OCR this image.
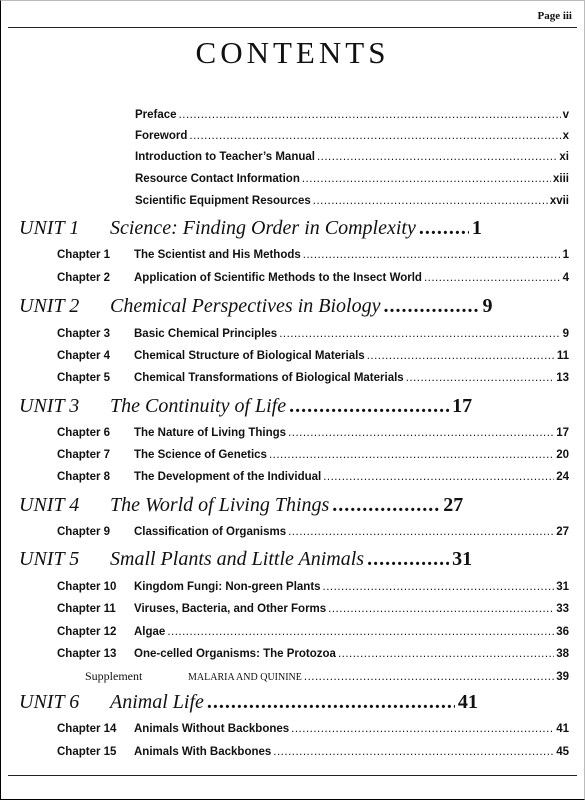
Page iii
CONTENTS
Preface .....	v
Foreword .....	x
Introduction to Teacher’s Manual .....	xi
Resource Contact Information .....	xiii
Scientific Equipment Resources .....	xvii
UNIT 1	Science: Finding Order in Complexity .....	1
Chapter 1	The Scientist and His Methods .....	1
Chapter 2	Application of Scientific Methods to the Insect World .....	4
UNIT 2	Chemical Perspectives in Biology .....	9
Chapter 3	Basic Chemical Principles .....	9
Chapter 4	Chemical Structure of Biological Materials .....	11
Chapter 5	Chemical Transformations of Biological Materials .....	13
UNIT 3	The Continuity of Life .....	17
Chapter 6	The Nature of Living Things .....	17
Chapter 7	The Science of Genetics .....	20
Chapter 8	The Development of the Individual .....	24
UNIT 4	The World of Living Things .....	27
Chapter 9	Classification of Organisms .....	27
UNIT 5	Small Plants and Little Animals .....	31
Chapter 10	Kingdom Fungi: Non-green Plants .....	31
Chapter 11	Viruses, Bacteria, and Other Forms .....	33
Chapter 12	Algae .....	36
Chapter 13	One-celled Organisms: The Protozoa .....	38
Supplement	MALARIA AND QUININE .....	39
UNIT 6	Animal Life .....	41
Chapter 14	Animals Without Backbones .....	41
Chapter 15	Animals With Backbones .....	45
